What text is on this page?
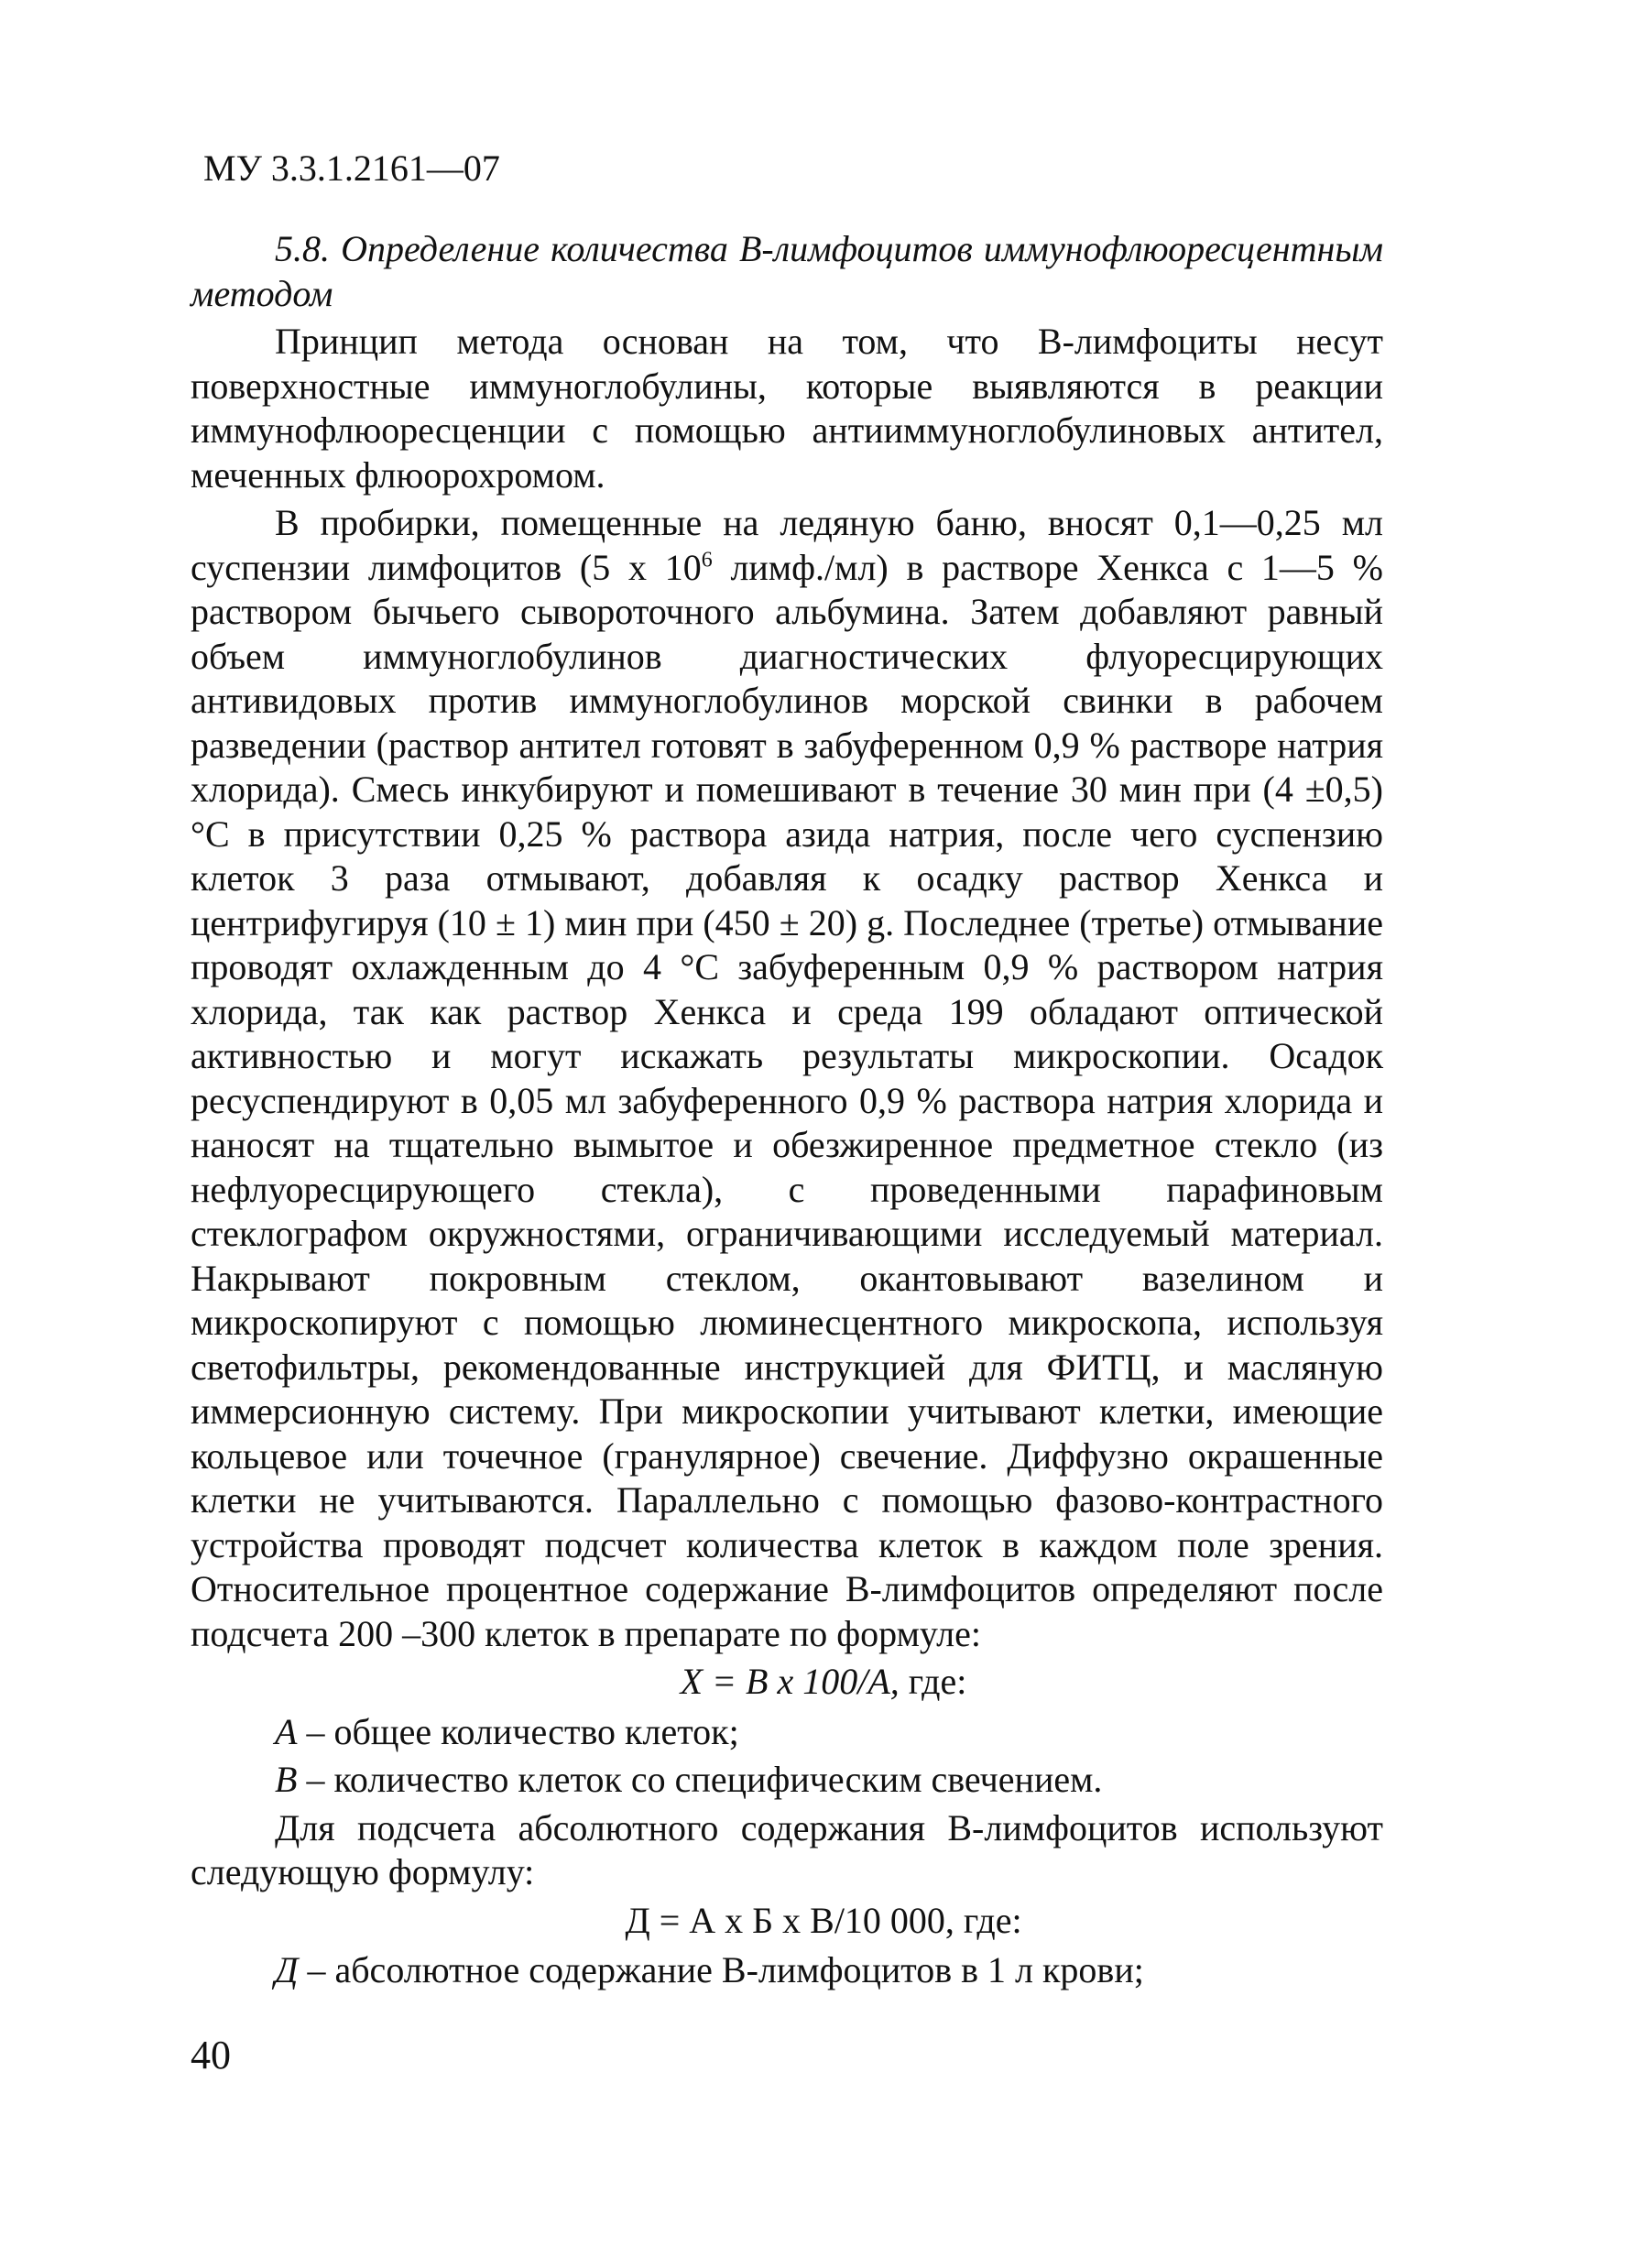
МУ 3.3.1.2161—07

5.8. Определение количества В-лимфоцитов иммунофлюоресцентным методом

Принцип метода основан на том, что В-лимфоциты несут поверхностные иммуноглобулины, которые выявляются в реакции иммунофлюоресценции с помощью антииммуноглобулиновых антител, меченных флюорохромом.

В пробирки, помещенные на ледяную баню, вносят 0,1—0,25 мл суспензии лимфоцитов (5 х $10^6$ лимф./мл) в растворе Хенкса с 1—5 % раствором бычьего сывороточного альбумина. Затем добавляют равный объем иммуноглобулинов диагностических флуоресцирующих антивидовых против иммуноглобулинов морской свинки в рабочем разведении (раствор антител готовят в забуференном 0,9 % растворе натрия хлорида). Смесь инкубируют и помешивают в течение 30 мин при (4 ±0,5) °С в присутствии 0,25 % раствора азида натрия, после чего суспензию клеток 3 раза отмывают, добавляя к осадку раствор Хенкса и центрифугируя (10 ± 1) мин при (450 ± 20) g. Последнее (третье) отмывание проводят охлажденным до 4 °С забуференным 0,9 % раствором натрия хлорида, так как раствор Хенкса и среда 199 обладают оптической активностью и могут искажать результаты микроскопии. Осадок ресуспендируют в 0,05 мл забуференного 0,9 % раствора натрия хлорида и наносят на тщательно вымытое и обезжиренное предметное стекло (из нефлуоресцирующего стекла), с проведенными парафиновым стеклографом окружностями, ограничивающими исследуемый материал. Накрывают покровным стеклом, окантовывают вазелином и микроскопируют с помощью люминесцентного микроскопа, используя светофильтры, рекомендованные инструкцией для ФИТЦ, и масляную иммерсионную систему. При микроскопии учитывают клетки, имеющие кольцевое или точечное (гранулярное) свечение. Диффузно окрашенные клетки не учитываются. Параллельно с помощью фазово-контрастного устройства проводят подсчет количества клеток в каждом поле зрения. Относительное процентное содержание В-лимфоцитов определяют после подсчета 200 –300 клеток в препарате по формуле:

X = B x 100/A, где:

А – общее количество клеток;

В – количество клеток со специфическим свечением.

Для подсчета абсолютного содержания В-лимфоцитов используют следующую формулу:

Д = А х Б х В/10 000, где:

Д – абсолютное содержание В-лимфоцитов в 1 л крови;

40
